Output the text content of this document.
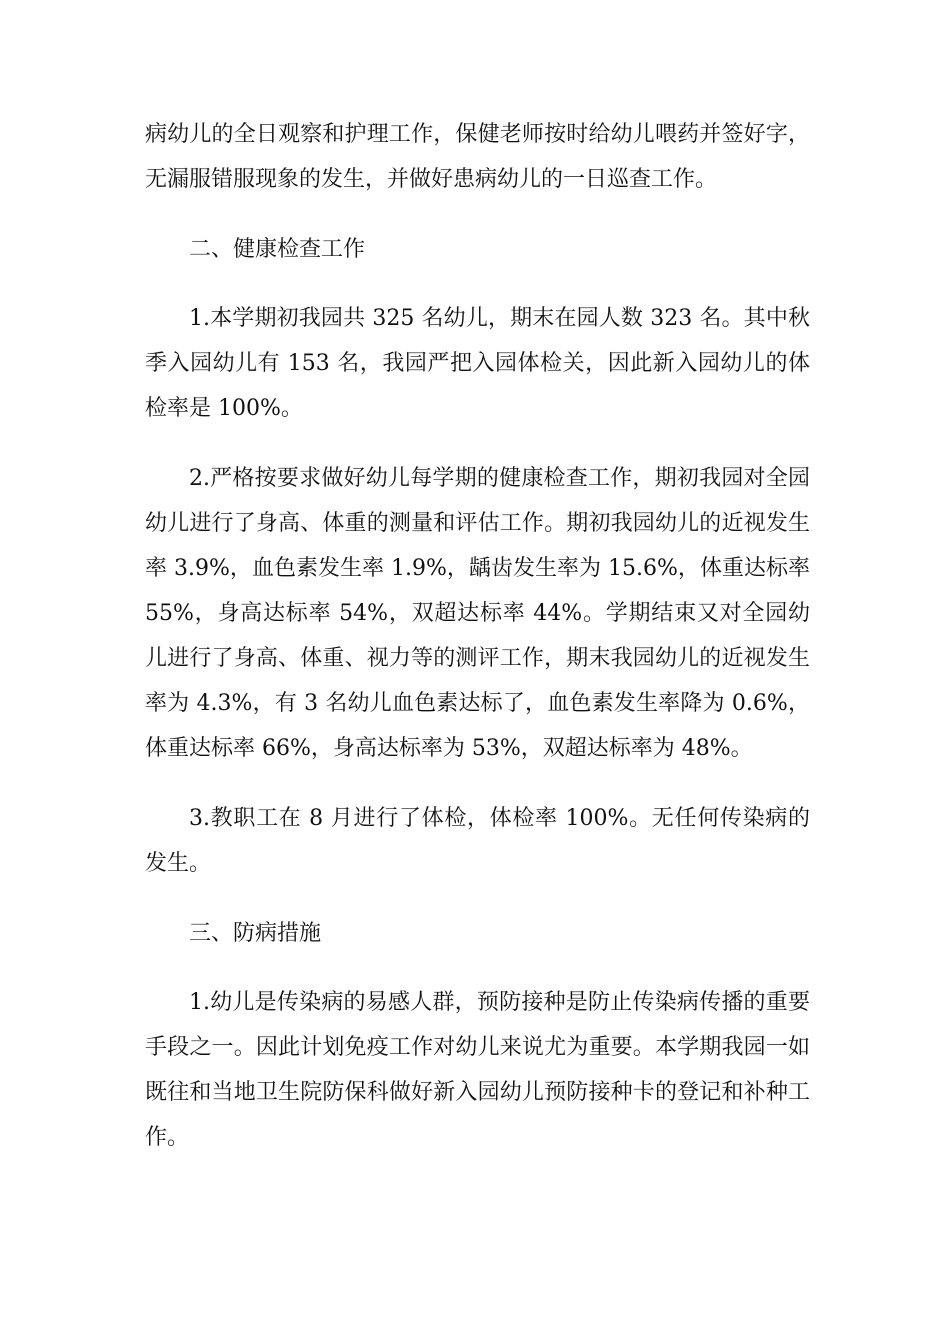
病幼儿的全日观察和护理工作，保健老师按时给幼儿喂药并签好字，无漏服错服现象的发生，并做好患病幼儿的一日巡查工作。

二、健康检查工作

1.本学期初我园共 325 名幼儿，期末在园人数 323 名。其中秋季入园幼儿有 153 名，我园严把入园体检关，因此新入园幼儿的体检率是 100%。

2.严格按要求做好幼儿每学期的健康检查工作，期初我园对全园幼儿进行了身高、体重的测量和评估工作。期初我园幼儿的近视发生率 3.9%，血色素发生率 1.9%，龋齿发生率为 15.6%，体重达标率 55%，身高达标率 54%，双超达标率 44%。学期结束又对全园幼儿进行了身高、体重、视力等的测评工作，期末我园幼儿的近视发生率为 4.3%，有 3 名幼儿血色素达标了，血色素发生率降为 0.6%，体重达标率 66%，身高达标率为 53%，双超达标率为 48%。

3.教职工在 8 月进行了体检，体检率 100%。无任何传染病的发生。

三、防病措施

1.幼儿是传染病的易感人群，预防接种是防止传染病传播的重要手段之一。因此计划免疫工作对幼儿来说尤为重要。本学期我园一如既往和当地卫生院防保科做好新入园幼儿预防接种卡的登记和补种工作。
